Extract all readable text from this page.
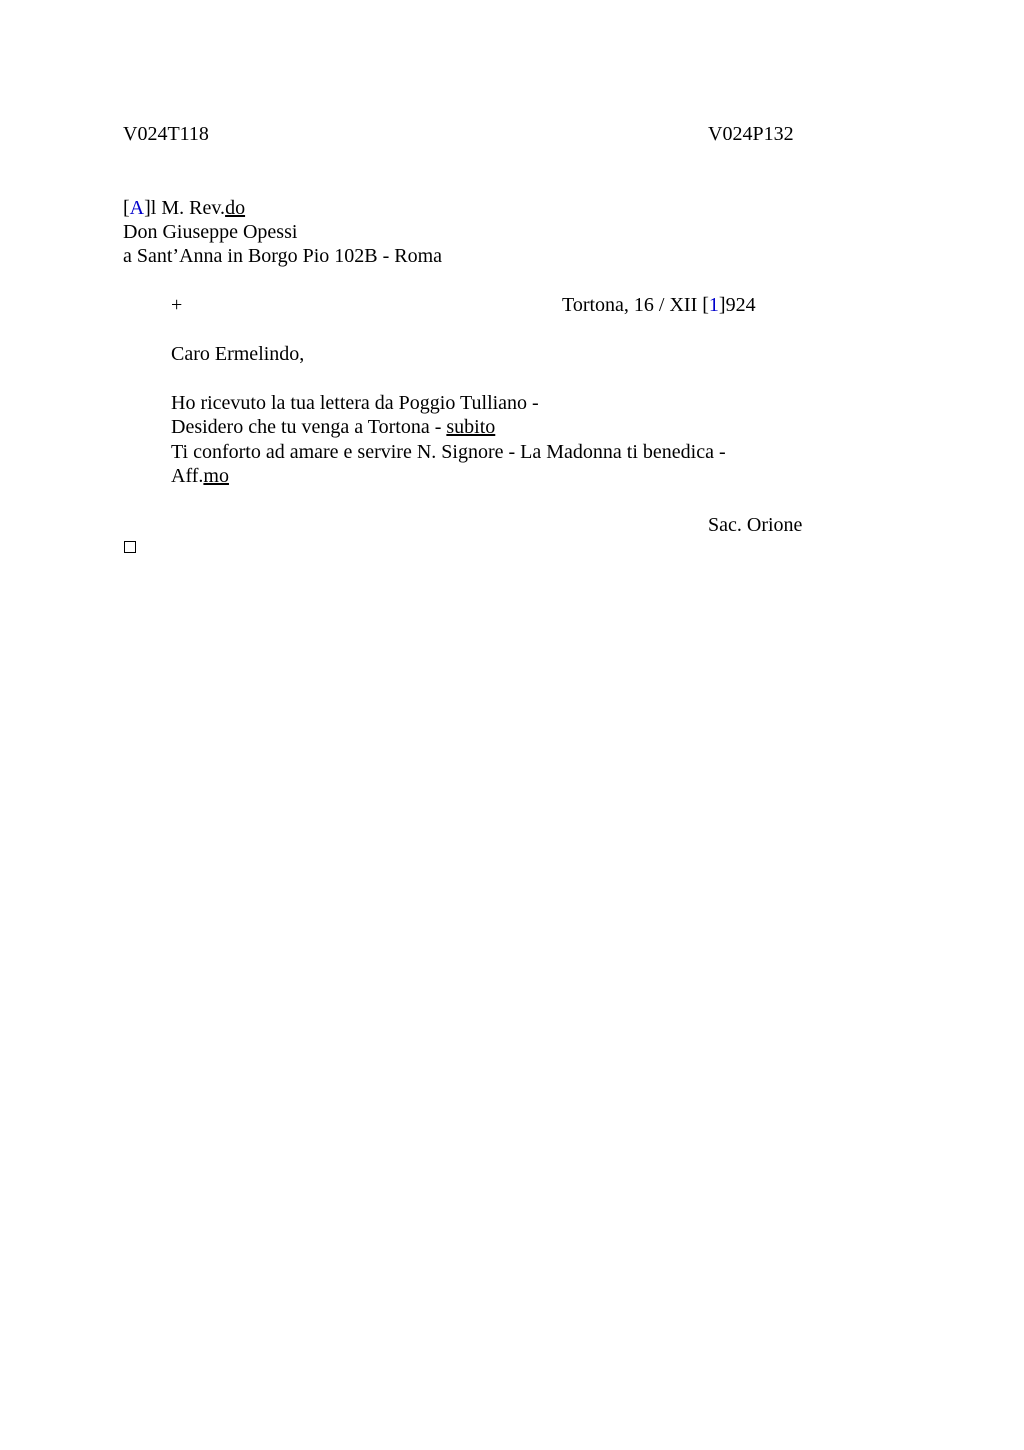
V024T118	V024P132
[A]l M. Rev.do
Don Giuseppe Opessi
a Sant’Anna in Borgo Pio 102B - Roma
+	Tortona, 16 / XII [1]924
Caro Ermelindo,
Ho ricevuto la tua lettera da Poggio Tulliano -
Desidero che tu venga a Tortona - subito
Ti conforto ad amare e servire N. Signore - La Madonna ti benedica -
Aff.mo
Sac. Orione
